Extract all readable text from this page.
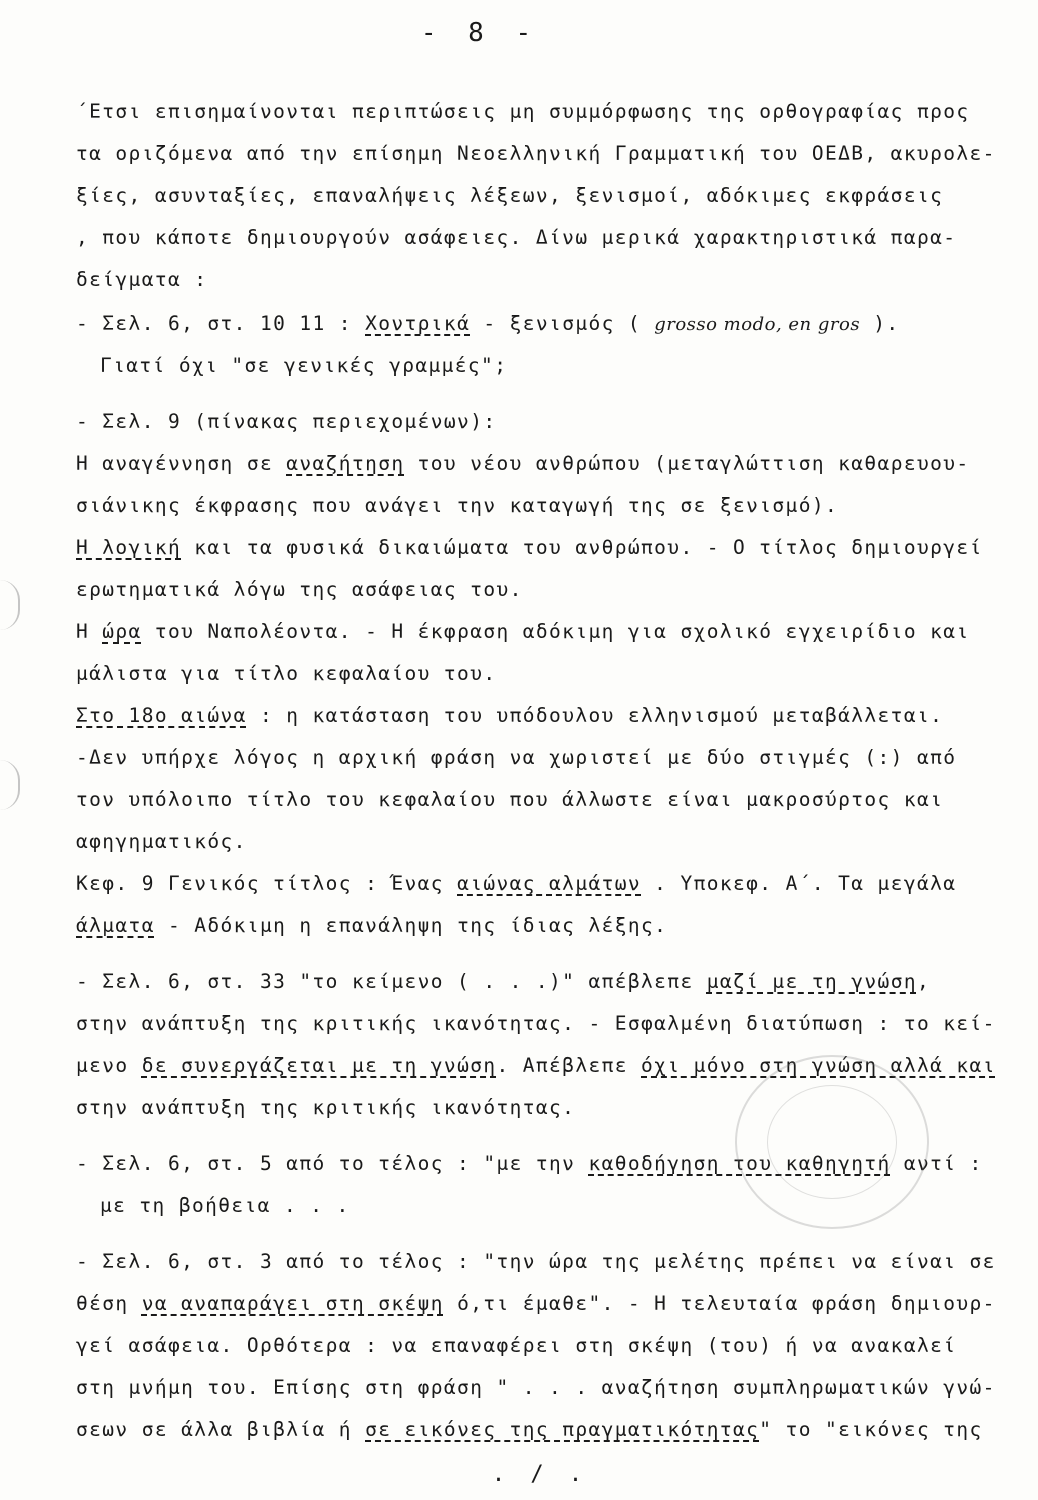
- 8 -
΄Ετσι επισημαίνονται περιπτώσεις μη συμμόρφωσης της ορθογραφίας προς
τα οριζόμενα από την επίσημη Νεοελληνική Γραμματική του ΟΕΔΒ, ακυρολε-
ξίες, ασυνταξίες, επαναλήψεις λέξεων, ξενισμοί, αδόκιμες εκφράσεις
, που κάποτε δημιουργούν ασάφειες. Δίνω μερικά χαρακτηριστικά παρα-
δείγματα :
- Σελ. 6, στ. 10 11 : Χοντρικά - ξενισμός ( grosso modo, en gros ).
Γιατί όχι "σε γενικές γραμμές";
- Σελ. 9 (πίνακας περιεχομένων):
Η αναγέννηση σε αναζήτηση του νέου ανθρώπου (μεταγλώττιση καθαρευου-
σιάνικης έκφρασης που ανάγει την καταγωγή της σε ξενισμό).
Η λογική και τα φυσικά δικαιώματα του ανθρώπου. - Ο τίτλος δημιουργεί
ερωτηματικά λόγω της ασάφειας του.
Η ώρα του Ναπολέοντα. - Η έκφραση αδόκιμη για σχολικό εγχειρίδιο και
μάλιστα για τίτλο κεφαλαίου του.
Στο 18ο αιώνα : η κατάσταση του υπόδουλου ελληνισμού μεταβάλλεται.
-Δεν υπήρχε λόγος η αρχική φράση να χωριστεί με δύο στιγμές (:) από
τον υπόλοιπο τίτλο του κεφαλαίου που άλλωστε είναι μακροσύρτος και
αφηγηματικός.
Κεφ. 9 Γενικός τίτλος : Ένας αιώνας αλμάτων . Υποκεφ. Α΄. Τα μεγάλα
άλματα - Αδόκιμη η επανάληψη της ίδιας λέξης.
- Σελ. 6, στ. 33 "το κείμενο ( . . .)" απέβλεπε μαζί με τη γνώση,
στην ανάπτυξη της κριτικής ικανότητας. - Εσφαλμένη διατύπωση : το κεί-
μενο δε συνεργάζεται με τη γνώση. Απέβλεπε όχι μόνο στη γνώση αλλά και
στην ανάπτυξη της κριτικής ικανότητας.
- Σελ. 6, στ. 5 από το τέλος : "με την καθοδήγηση του καθηγητή αντί :
με τη βοήθεια . . .
- Σελ. 6, στ. 3 από το τέλος : "την ώρα της μελέτης πρέπει να είναι σε
θέση να αναπαράγει στη σκέψη ό,τι έμαθε". - Η τελευταία φράση δημιουρ-
γεί ασάφεια. Ορθότερα : να επαναφέρει στη σκέψη (του) ή να ανακαλεί
στη μνήμη του. Επίσης στη φράση " . . . αναζήτηση συμπληρωματικών γνώ-
σεων σε άλλα βιβλία ή σε εικόνες της πραγματικότητας" το "εικόνες της
. / .
